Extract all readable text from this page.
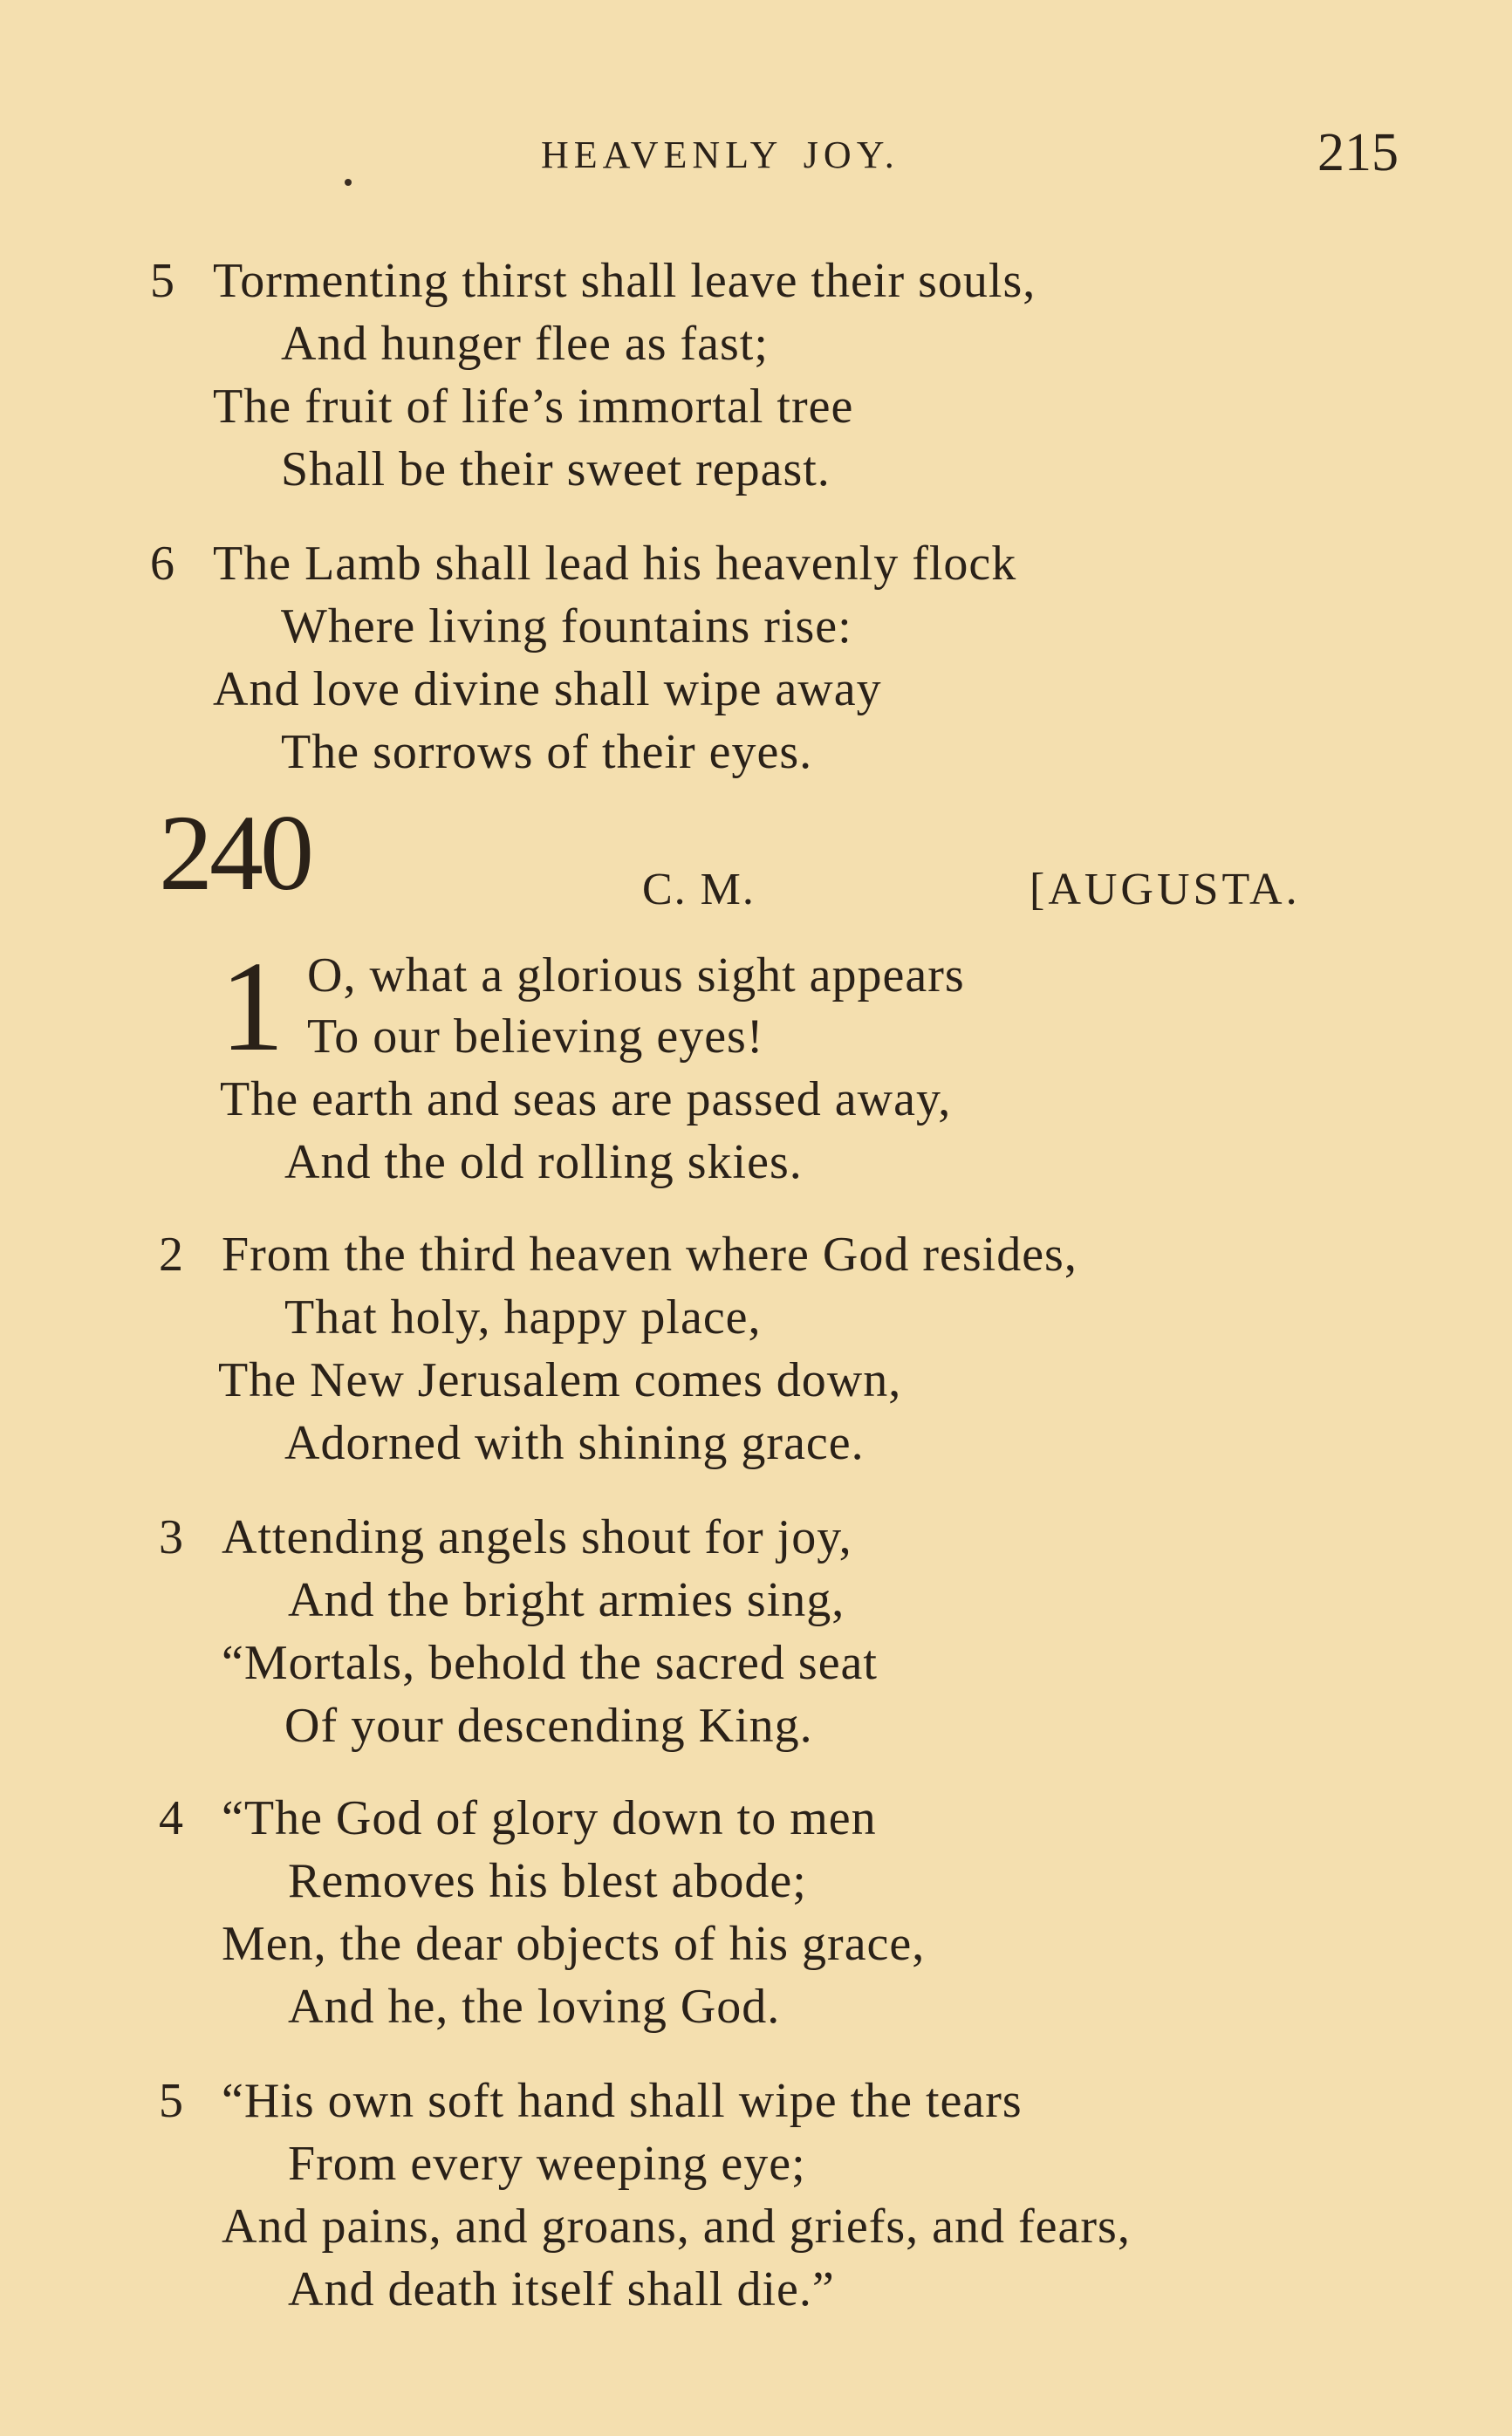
HEAVENLY JOY.	215
5 Tormenting thirst shall leave their souls,
And hunger flee as fast;
The fruit of life’s immortal tree
Shall be their sweet repast.
6 The Lamb shall lead his heavenly flock
Where living fountains rise:
And love divine shall wipe away
The sorrows of their eyes.
240	C. M.	[AUGUSTA.
1 O, what a glorious sight appears
To our believing eyes!
The earth and seas are passed away,
And the old rolling skies.
2 From the third heaven where God resides,
That holy, happy place,
The New Jerusalem comes down,
Adorned with shining grace.
3 Attending angels shout for joy,
And the bright armies sing,
“Mortals, behold the sacred seat
Of your descending King.
4 “The God of glory down to men
Removes his blest abode;
Men, the dear objects of his grace,
And he, the loving God.
5 “His own soft hand shall wipe the tears
From every weeping eye;
And pains, and groans, and griefs, and fears,
And death itself shall die.”
